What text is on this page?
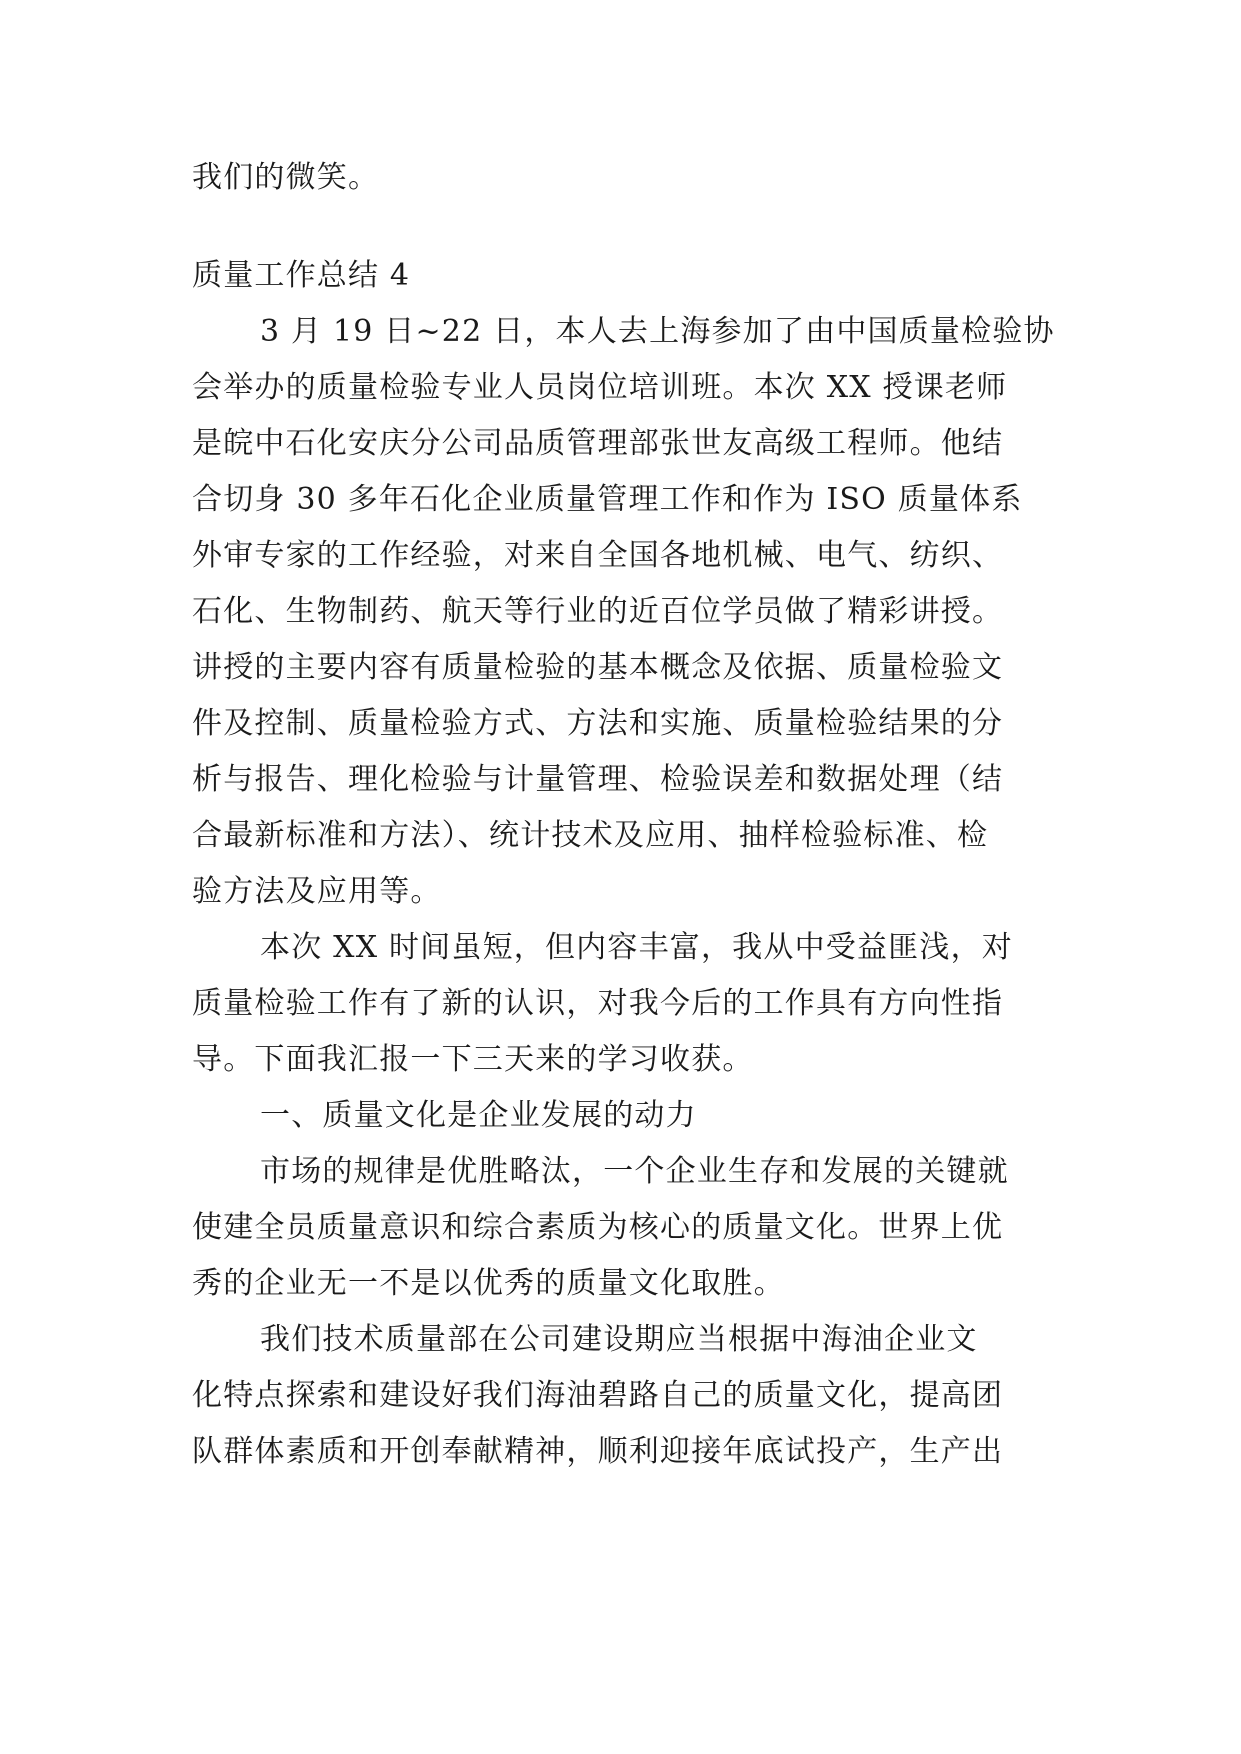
我们的微笑。
质量工作总结 4
3 月 19 日~22 日，本人去上海参加了由中国质量检验协
会举办的质量检验专业人员岗位培训班。本次 XX 授课老师
是皖中石化安庆分公司品质管理部张世友高级工程师。他结
合切身 30 多年石化企业质量管理工作和作为 ISO 质量体系
外审专家的工作经验，对来自全国各地机械、电气、纺织、
石化、生物制药、航天等行业的近百位学员做了精彩讲授。
讲授的主要内容有质量检验的基本概念及依据、质量检验文
件及控制、质量检验方式、方法和实施、质量检验结果的分
析与报告、理化检验与计量管理、检验误差和数据处理（结
合最新标准和方法）、统计技术及应用、抽样检验标准、检
验方法及应用等。
本次 XX 时间虽短，但内容丰富，我从中受益匪浅，对
质量检验工作有了新的认识，对我今后的工作具有方向性指
导。下面我汇报一下三天来的学习收获。
一、质量文化是企业发展的动力
市场的规律是优胜略汰，一个企业生存和发展的关键就
使建全员质量意识和综合素质为核心的质量文化。世界上优
秀的企业无一不是以优秀的质量文化取胜。
我们技术质量部在公司建设期应当根据中海油企业文
化特点探索和建设好我们海油碧路自己的质量文化，提高团
队群体素质和开创奉献精神，顺利迎接年底试投产，生产出
